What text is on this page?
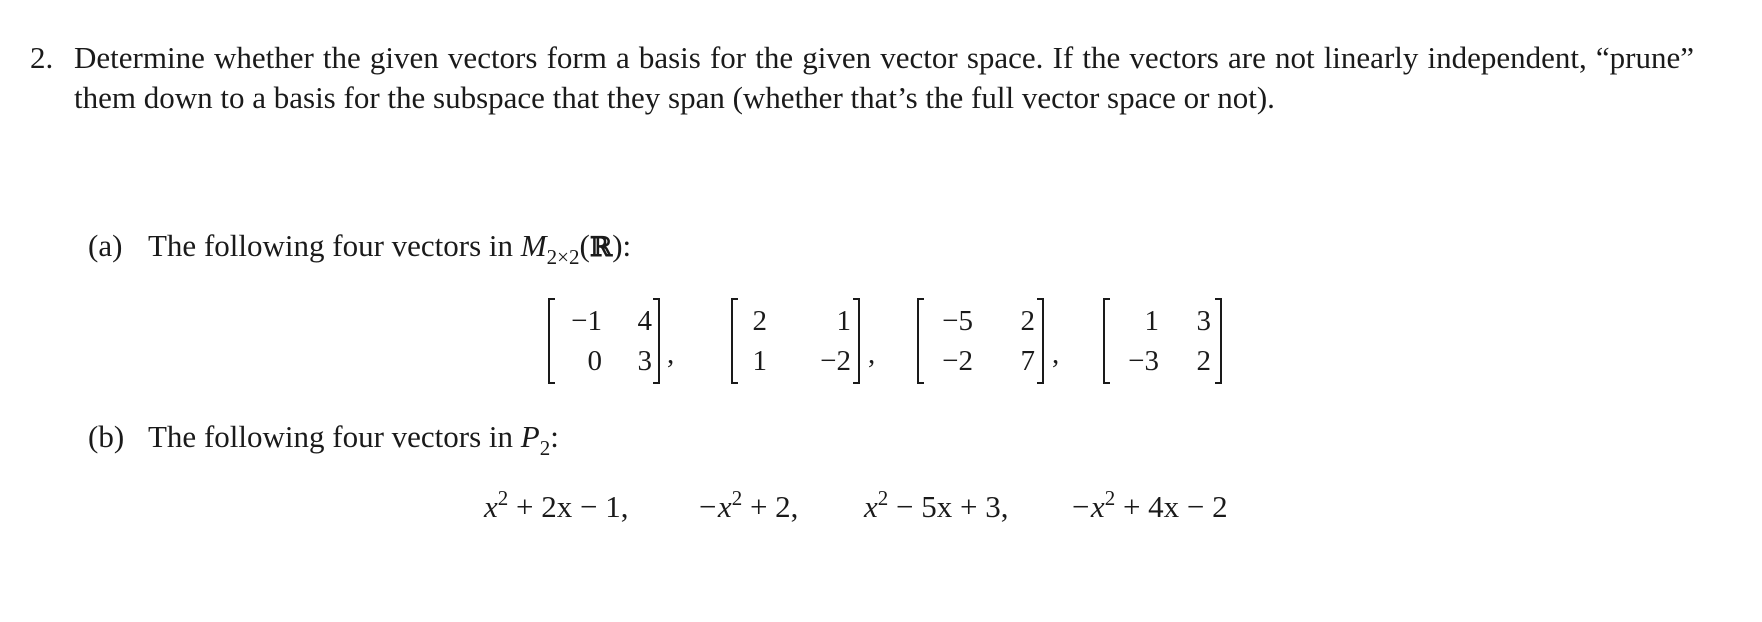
2. Determine whether the given vectors form a basis for the given vector space. If the vectors are not linearly independent, “prune” them down to a basis for the subspace that they span (whether that’s the full vector space or not).
(a) The following four vectors in $M_{2\times 2}(ℝ)$:
−1	4
0	3 ,
2	1
1	−2 ,
−5	2
−2	7 ,
1	3
−3	2
(b) The following four vectors in $P_2$:
$x^2 + 2x - 1$, $-x^2 + 2$, $x^2 - 5x + 3$, $-x^2 + 4x - 2$
